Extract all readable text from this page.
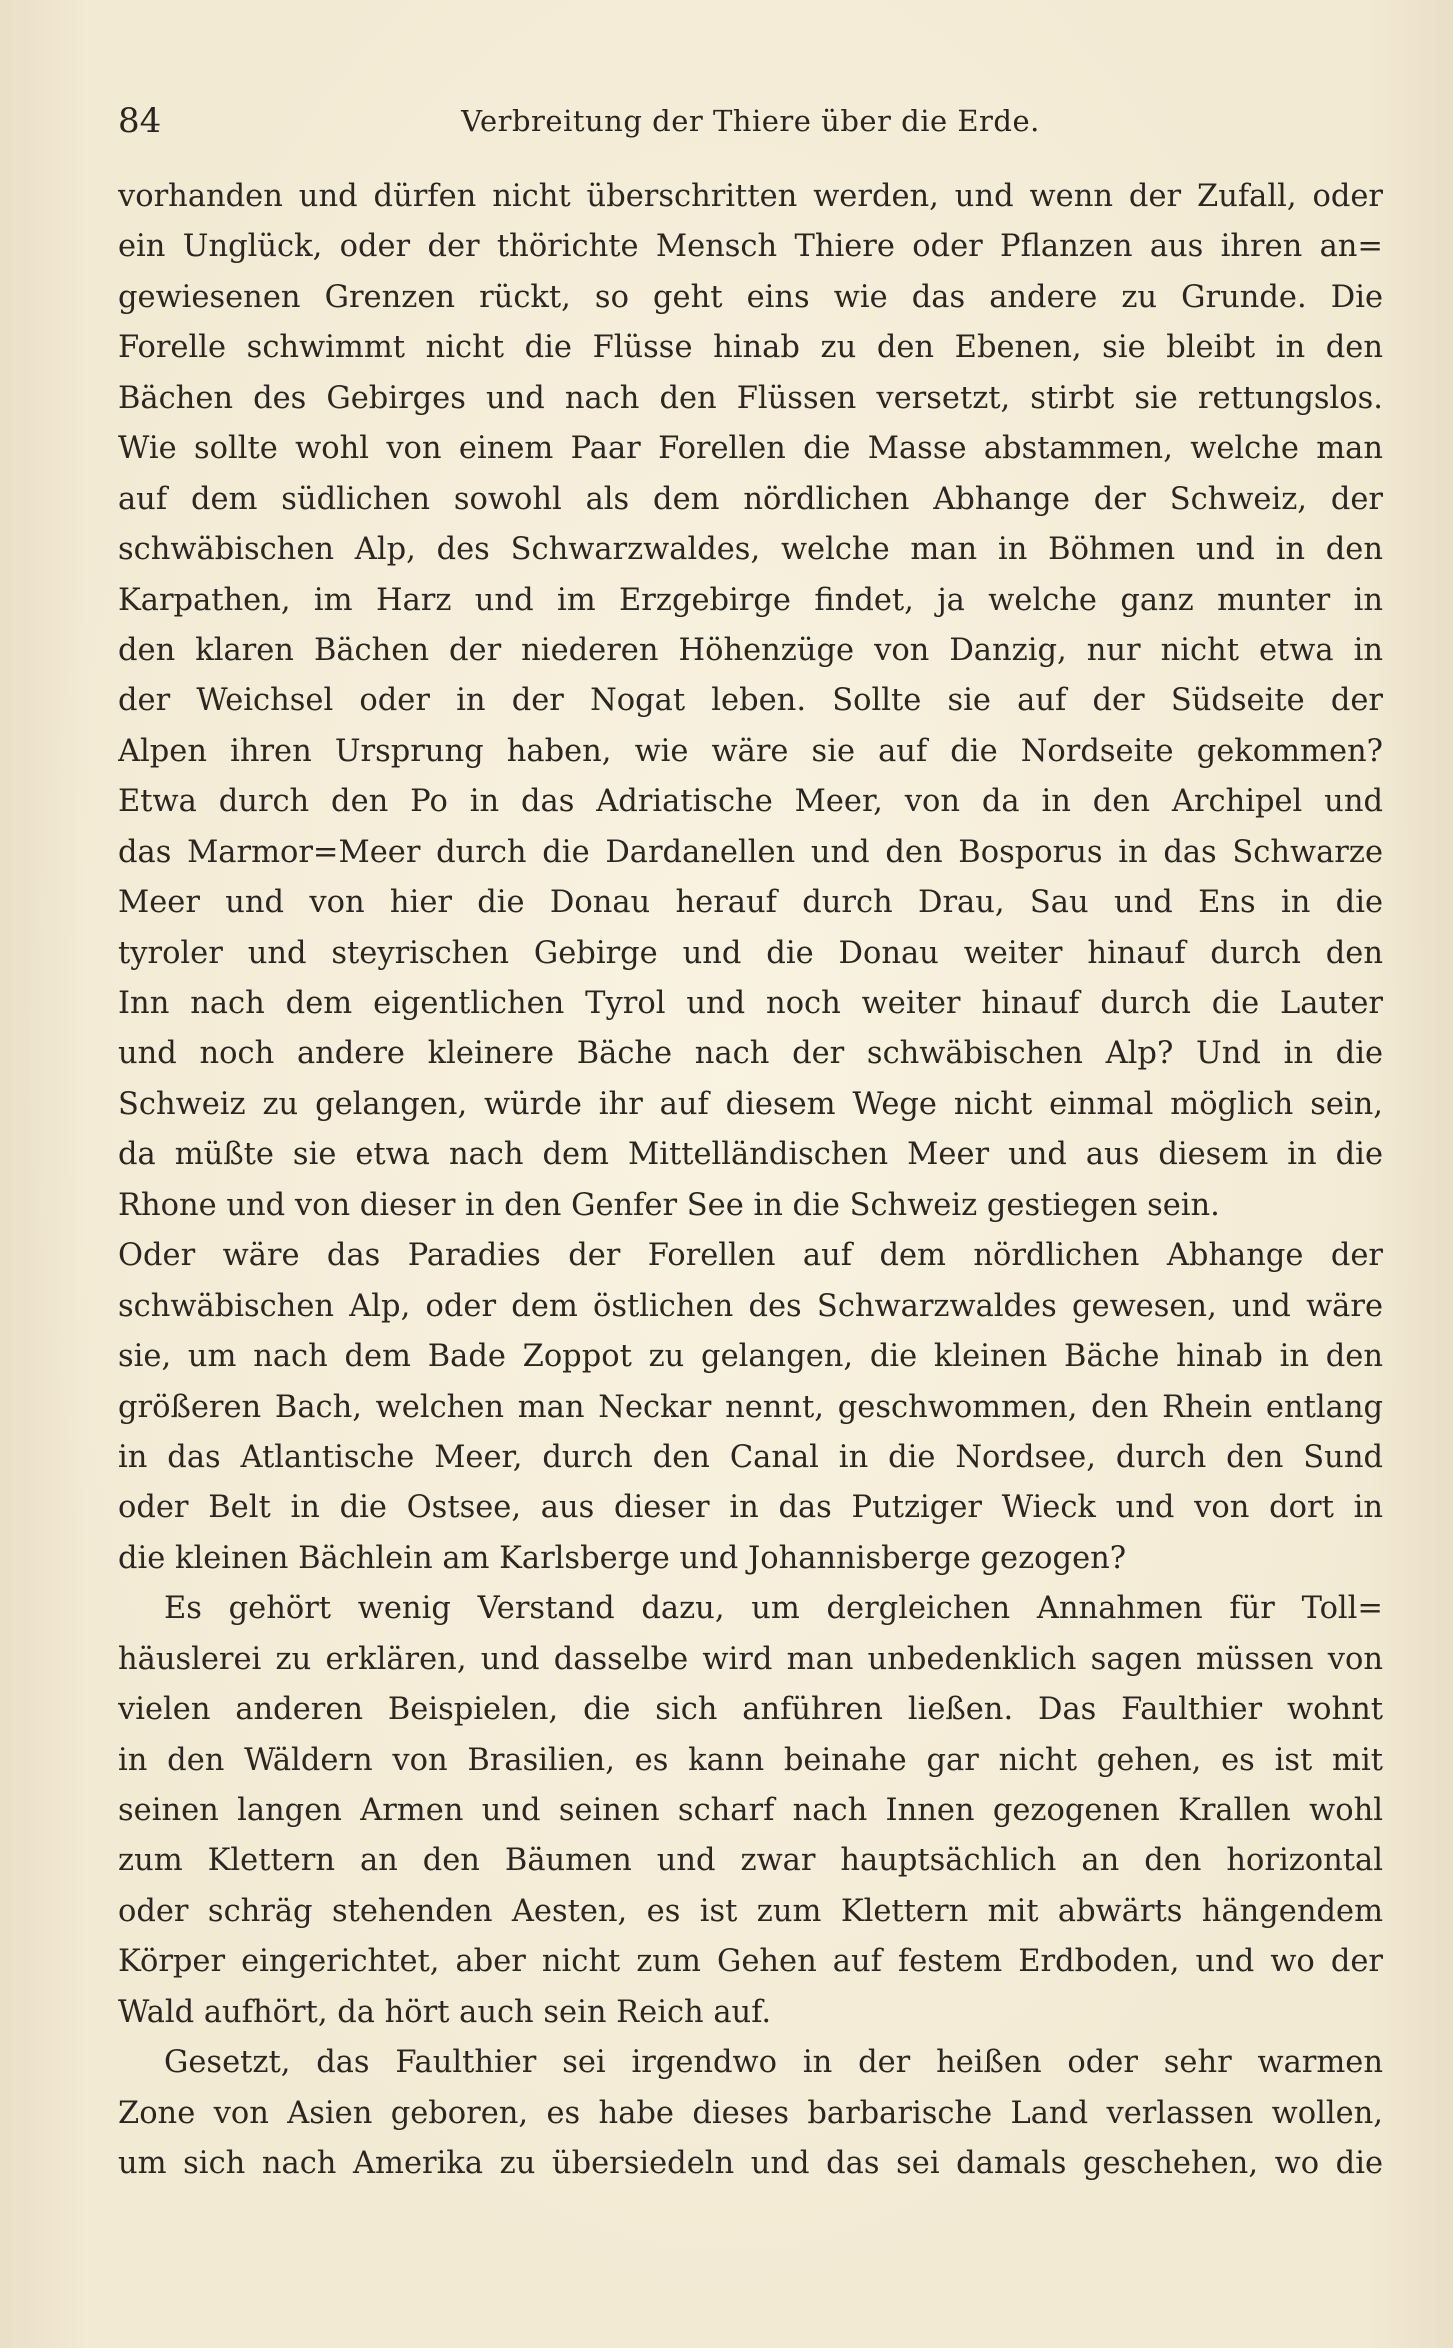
84	Verbreitung der Thiere über die Erde.

vorhanden und dürfen nicht überschritten werden, und wenn der Zufall, oder
ein Unglück, oder der thörichte Mensch Thiere oder Pflanzen aus ihren an=
gewiesenen Grenzen rückt, so geht eins wie das andere zu Grunde. Die
Forelle schwimmt nicht die Flüsse hinab zu den Ebenen, sie bleibt in den
Bächen des Gebirges und nach den Flüssen versetzt, stirbt sie rettungslos.
Wie sollte wohl von einem Paar Forellen die Masse abstammen, welche man
auf dem südlichen sowohl als dem nördlichen Abhange der Schweiz, der
schwäbischen Alp, des Schwarzwaldes, welche man in Böhmen und in den
Karpathen, im Harz und im Erzgebirge findet, ja welche ganz munter in
den klaren Bächen der niederen Höhenzüge von Danzig, nur nicht etwa in
der Weichsel oder in der Nogat leben. Sollte sie auf der Südseite der
Alpen ihren Ursprung haben, wie wäre sie auf die Nordseite gekommen?
Etwa durch den Po in das Adriatische Meer, von da in den Archipel und
das Marmor=Meer durch die Dardanellen und den Bosporus in das Schwarze
Meer und von hier die Donau herauf durch Drau, Sau und Ens in die
tyroler und steyrischen Gebirge und die Donau weiter hinauf durch den
Inn nach dem eigentlichen Tyrol und noch weiter hinauf durch die Lauter
und noch andere kleinere Bäche nach der schwäbischen Alp? Und in die
Schweiz zu gelangen, würde ihr auf diesem Wege nicht einmal möglich sein,
da müßte sie etwa nach dem Mittelländischen Meer und aus diesem in die
Rhone und von dieser in den Genfer See in die Schweiz gestiegen sein.
Oder wäre das Paradies der Forellen auf dem nördlichen Abhange der
schwäbischen Alp, oder dem östlichen des Schwarzwaldes gewesen, und wäre
sie, um nach dem Bade Zoppot zu gelangen, die kleinen Bäche hinab in den
größeren Bach, welchen man Neckar nennt, geschwommen, den Rhein entlang
in das Atlantische Meer, durch den Canal in die Nordsee, durch den Sund
oder Belt in die Ostsee, aus dieser in das Putziger Wieck und von dort in
die kleinen Bächlein am Karlsberge und Johannisberge gezogen?

Es gehört wenig Verstand dazu, um dergleichen Annahmen für Toll=
häuslerei zu erklären, und dasselbe wird man unbedenklich sagen müssen von
vielen anderen Beispielen, die sich anführen ließen. Das Faulthier wohnt
in den Wäldern von Brasilien, es kann beinahe gar nicht gehen, es ist mit
seinen langen Armen und seinen scharf nach Innen gezogenen Krallen wohl
zum Klettern an den Bäumen und zwar hauptsächlich an den horizontal
oder schräg stehenden Aesten, es ist zum Klettern mit abwärts hängendem
Körper eingerichtet, aber nicht zum Gehen auf festem Erdboden, und wo der
Wald aufhört, da hört auch sein Reich auf.

Gesetzt, das Faulthier sei irgendwo in der heißen oder sehr warmen
Zone von Asien geboren, es habe dieses barbarische Land verlassen wollen,
um sich nach Amerika zu übersiedeln und das sei damals geschehen, wo die
